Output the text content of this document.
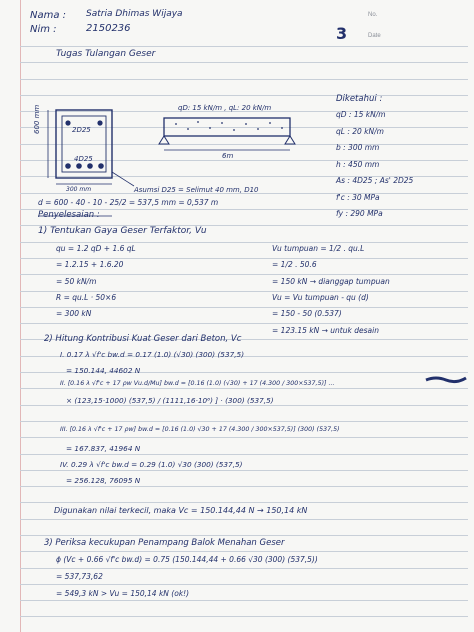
Nama : Satria Dhimas Wijaya
Nim :	2150236
No.
Date
3
Tugas Tulangan Geser
600 mm	2D25
4D25
300 mm
qD: 15 kN/m , qL: 20 kN/m
6m
Asumsi D25 = Selimut 40 mm, D10
d = 600 - 40 - 10 - 25/2 = 537,5 mm = 0,537 m
Diketahui :
qD : 15 kN/m
qL : 20 kN/m
b : 300 mm
h : 450 mm
As : 4D25 ; As' 2D25
f'c : 30 MPa
fy : 290 MPa
Penyelesaian :
1) Tentukan Gaya Geser Terfaktor, Vu
qu = 1.2 qD + 1.6 qL
= 1.2.15 + 1.6.20
= 50 kN/m
R = qu.L · 50×6
= 300 kN
Vu tumpuan = 1/2 . qu.L
= 1/2 . 50.6
= 150 kN → dianggap tumpuan
Vu = Vu tumpuan - qu (d)
= 150 - 50 (0.537)
= 123.15 kN → untuk desain
2) Hitung Kontribusi Kuat Geser dari Beton, Vc
I. 0.17 λ √f'c bw.d = 0.17 (1.0) (√30) (300) (537,5)
= 150.144, 44602 N
II. [0.16 λ √f'c + 17 ρw Vu.d/Mu] bw.d = [0.16 (1.0) (√30) + 17 (4.300 / 300×537,5)] ...
× (123,15·1000) (537,5) / (1111,16·10⁶) ] · (300) (537,5)
III. [0.16 λ √f'c + 17 ρw] bw.d = [0.16 (1.0) √30 + 17 (4.300 / 300×537,5)] (300) (537,5)
= 167.837, 41964 N
IV. 0.29 λ √f'c bw.d = 0.29 (1.0) √30 (300) (537,5)
= 256.128, 76095 N
Digunakan nilai terkecil, maka Vc = 150.144,44 N → 150,14 kN
3) Periksa kecukupan Penampang Balok Menahan Geser
ϕ (Vc + 0.66 √f'c bw.d) = 0.75 (150.144,44 + 0.66 √30 (300) (537,5))
= 537,73,62
= 549,3 kN > Vu = 150,14 kN (ok!)
